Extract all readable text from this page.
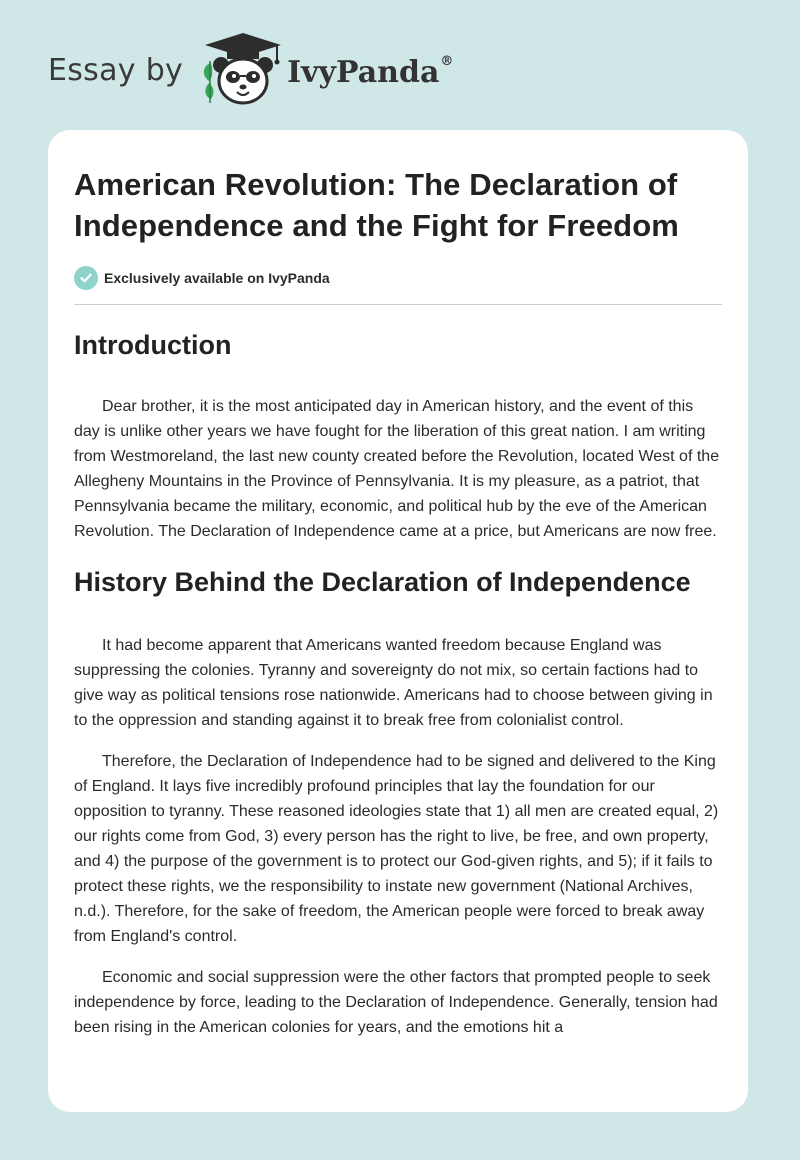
Essay by	IvyPanda®
American Revolution: The Declaration of Independence and the Fight for Freedom
Exclusively available on IvyPanda
Introduction

Dear brother, it is the most anticipated day in American history, and the event of this day is unlike other years we have fought for the liberation of this great nation. I am writing from Westmoreland, the last new county created before the Revolution, located West of the Allegheny Mountains in the Province of Pennsylvania. It is my pleasure, as a patriot, that Pennsylvania became the military, economic, and political hub by the eve of the American Revolution. The Declaration of Independence came at a price, but Americans are now free.

History Behind the Declaration of Independence

It had become apparent that Americans wanted freedom because England was suppressing the colonies. Tyranny and sovereignty do not mix, so certain factions had to give way as political tensions rose nationwide. Americans had to choose between giving in to the oppression and standing against it to break free from colonialist control.

Therefore, the Declaration of Independence had to be signed and delivered to the King of England. It lays five incredibly profound principles that lay the foundation for our opposition to tyranny. These reasoned ideologies state that 1) all men are created equal, 2) our rights come from God, 3) every person has the right to live, be free, and own property, and 4) the purpose of the government is to protect our God-given rights, and 5); if it fails to protect these rights, we the responsibility to instate new government (National Archives, n.d.). Therefore, for the sake of freedom, the American people were forced to break away from England's control.

Economic and social suppression were the other factors that prompted people to seek independence by force, leading to the Declaration of Independence. Generally, tension had been rising in the American colonies for years, and the emotions hit a
